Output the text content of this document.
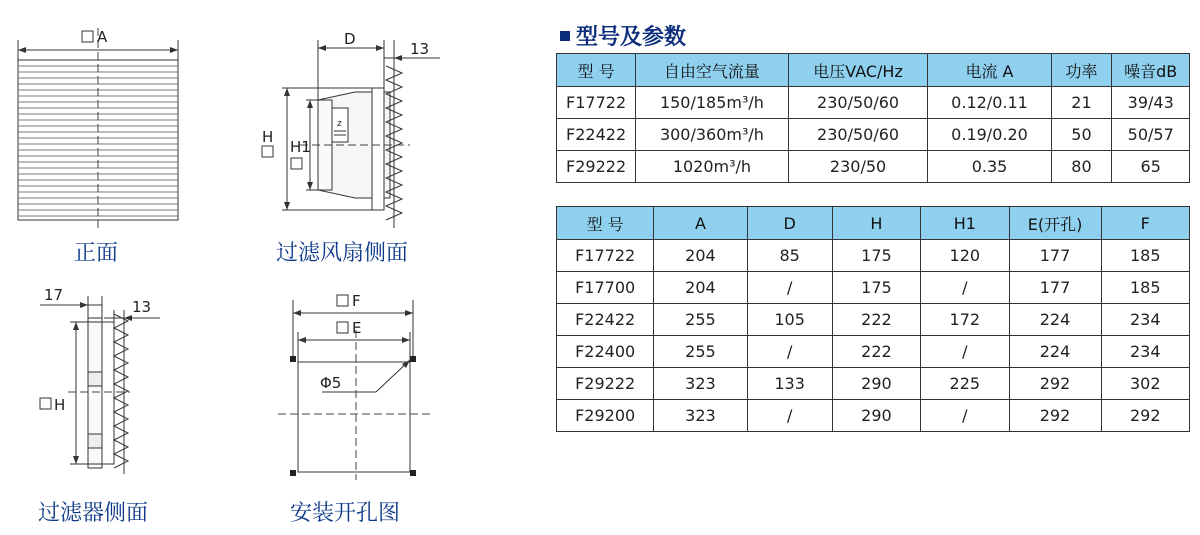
A
z
D
13
H
H1
17
13
H
F
E
Φ5
正面	过滤风扇侧面
过滤器侧面	安装开孔图
型号及参数
型 号	自由空气流量	电压VAC/Hz	电流 A	功率	噪音dB
F17722	150/185m³/h	230/50/60	0.12/0.11	21	39/43
F22422	300/360m³/h	230/50/60	0.19/0.20	50	50/57
F29222	1020m³/h	230/50	0.35	80	65
型 号	A	D	H	H1	E(开孔)	F
F17722	204	85	175	120	177	185
F17700	204	/	175	/	177	185
F22422	255	105	222	172	224	234
F22400	255	/	222	/	224	234
F29222	323	133	290	225	292	302
F29200	323	/	290	/	292	292
